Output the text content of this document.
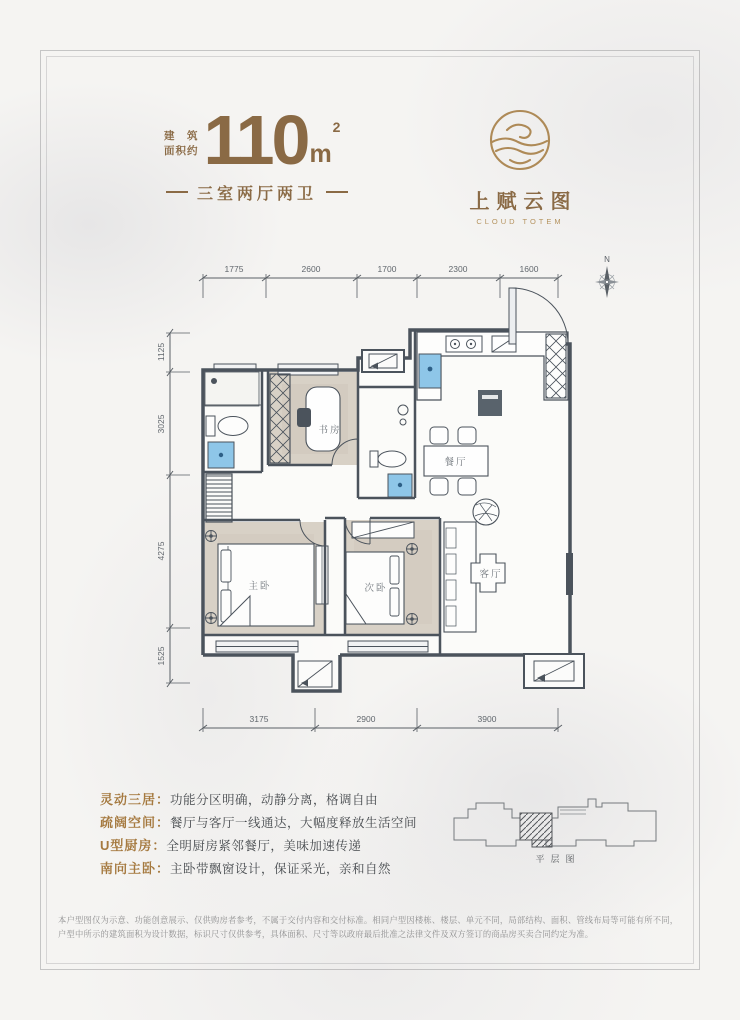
建　筑
面积约 110 $m^2$
三室两厅两卫	上赋云图
CLOUD TOTEM
1775	2600	1700	2300	1600
1125
3025
4275
1525
3175	2900	3900
N
书房
餐厅
主卧	次卧
客厅
灵动三居： 功能分区明确，动静分离，格调自由
疏阔空间： 餐厅与客厅一线通达，大幅度释放生活空间
U型厨房： 全明厨房紧邻餐厅，美味加速传递
南向主卧： 主卧带飘窗设计，保证采光，亲和自然
平层图
本户型图仅为示意、功能创意展示、仅供购房者参考，不属于交付内容和交付标准。相同户型因楼栋、楼层、单元不同，局部结构、面积、管线布局等可能有所不同，户型中所示的建筑面积为设计数据，标识尺寸仅供参考，具体面积、尺寸等以政府最后批准之法律文件及双方签订的商品房买卖合同约定为准。
